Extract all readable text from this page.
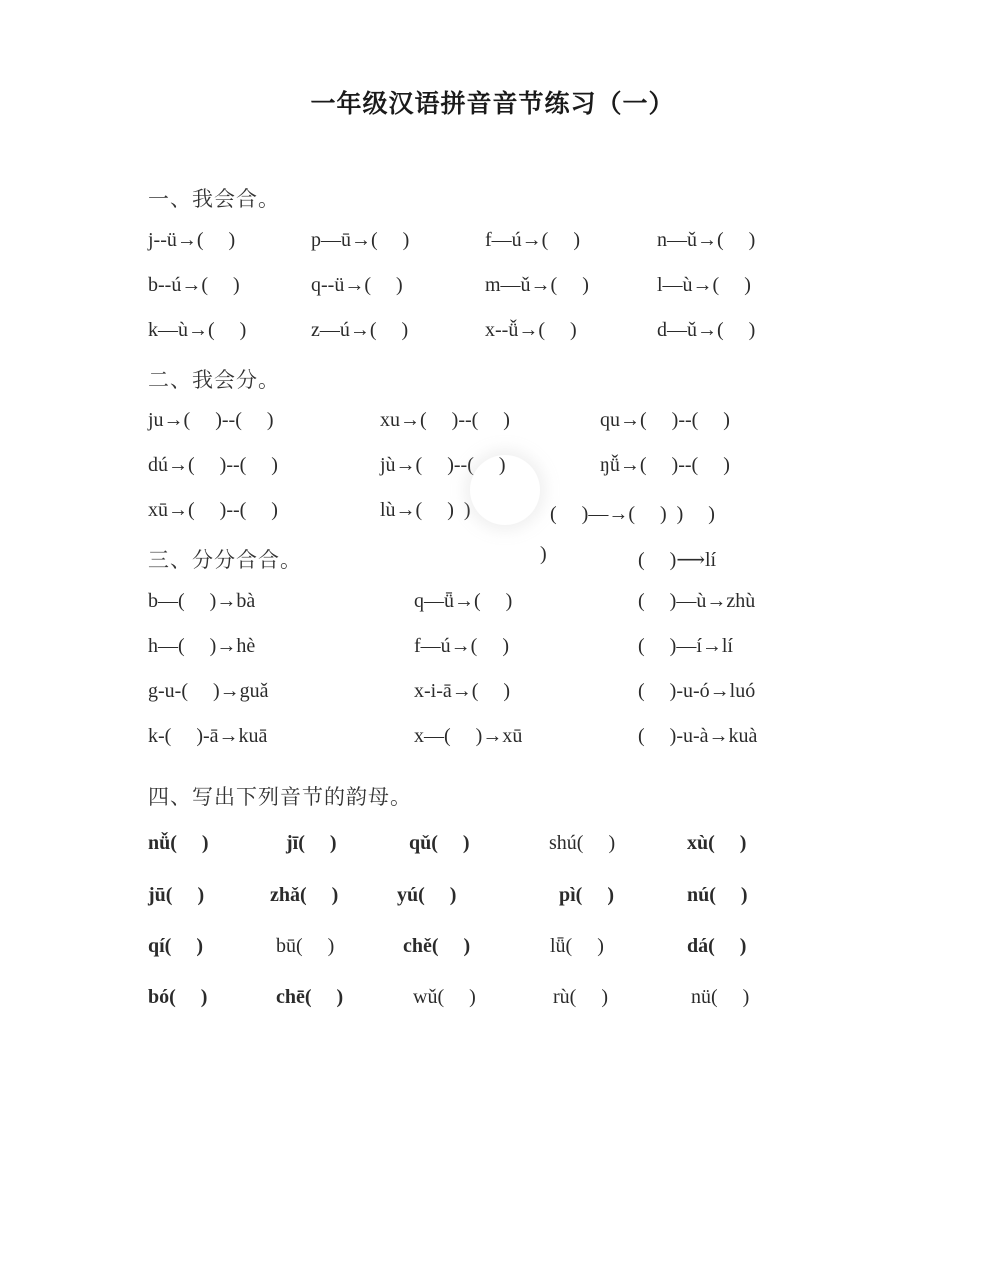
一年级汉语拼音音节练习（一）
一、我会合。
j--ü→(     )	p—ū→(     )	f—ú→(     )	n—ǔ→(     )
b--ú→(     )	q--ü→(     )	m—ǔ→(     )	l—ù→(     )
k—ù→(     )	z—ú→(     )	x--ǚ→(     )	d—ǔ→(     )
二、我会分。
ju→(     )--(     )	xu→(     )--(     )	qu→(     )--(     )
dú→(     )--(     )	jù→(     )--(     )	ŋǚ→(     )--(     )
xū→(     )--(     )	lù→(     )  )	(     )—→(     )  )     )
)
三、分分合合。	(     )⟶lí
b—(     )→bà	q—ǖ→(     )	(     )—ù→zhù
h—(     )→hè	f—ú→(     )	(     )—í→lí
g-u-(     )→guǎ	x-i-ā→(     )	(     )-u-ó→luó
k-(     )-ā→kuā	x—(     )→xū	(     )-u-à→kuà
四、写出下列音节的韵母。
nǚ(     )	jī(     )	qǔ(     )	shú(     )	xù(     )
jū(     )	zhǎ(     )	yú(     )	pì(     )	nú(     )
qí(     )	bū(     )	chě(     )	lǖ(     )	dá(     )
bó(     )	chē(     )	wǔ(     )	rù(     )	nü(     )
